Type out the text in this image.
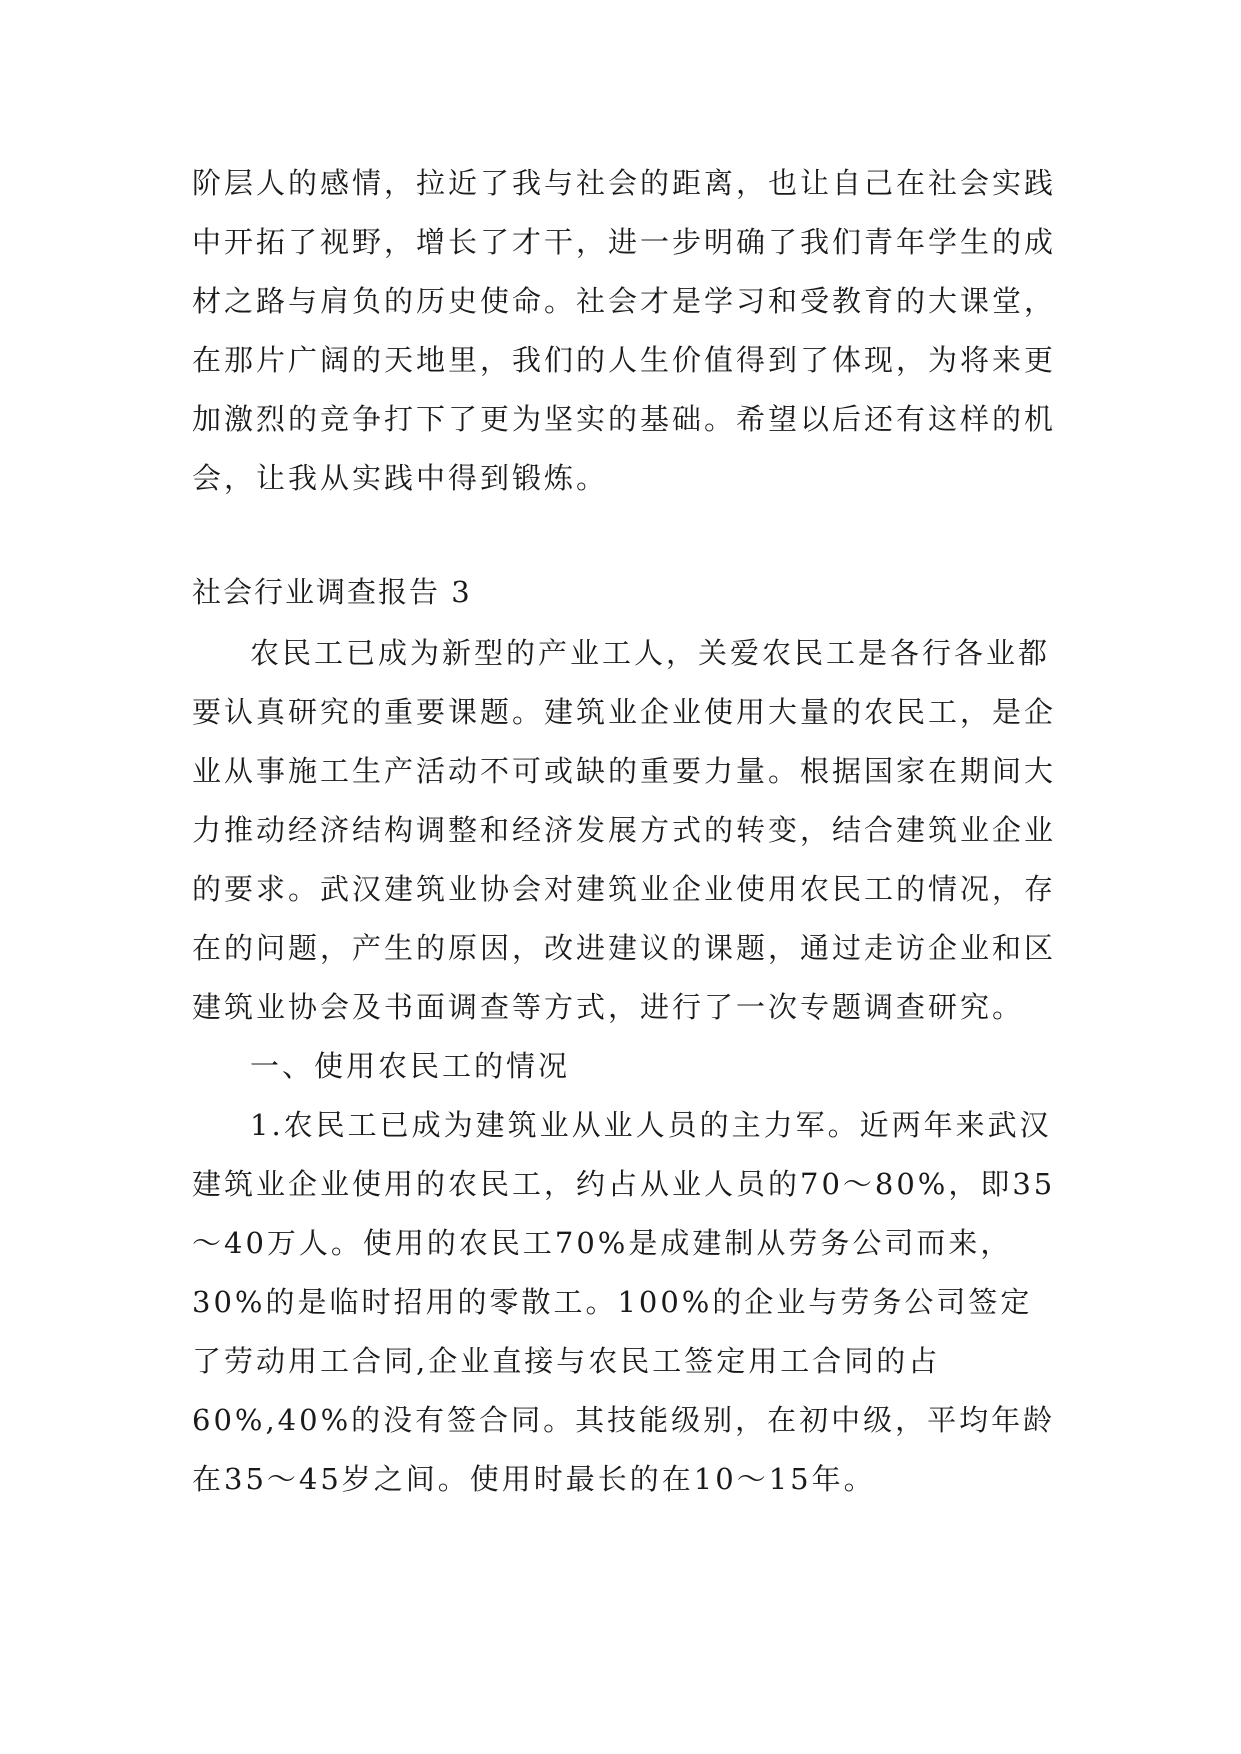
阶层人的感情，拉近了我与社会的距离，也让自己在社会实践中开拓了视野，增长了才干，进一步明确了我们青年学生的成材之路与肩负的历史使命。社会才是学习和受教育的大课堂，在那片广阔的天地里，我们的人生价值得到了体现，为将来更加激烈的竞争打下了更为坚实的基础。希望以后还有这样的机会，让我从实践中得到锻炼。
社会行业调查报告 3

农民工已成为新型的产业工人，关爱农民工是各行各业都要认真研究的重要课题。建筑业企业使用大量的农民工，是企业从事施工生产活动不可或缺的重要力量。根据国家在期间大力推动经济结构调整和经济发展方式的转变，结合建筑业企业的要求。武汉建筑业协会对建筑业企业使用农民工的情况，存在的问题，产生的原因，改进建议的课题，通过走访企业和区建筑业协会及书面调查等方式，进行了一次专题调查研究。

一、使用农民工的情况

1.农民工已成为建筑业从业人员的主力军。近两年来武汉建筑业企业使用的农民工，约占从业人员的70～80%，即35～40万人。使用的农民工70%是成建制从劳务公司而来，30%的是临时招用的零散工。100%的企业与劳务公司签定了劳动用工合同,企业直接与农民工签定用工合同的占60%,40%的没有签合同。其技能级别，在初中级，平均年龄在35～45岁之间。使用时最长的在10～15年。
